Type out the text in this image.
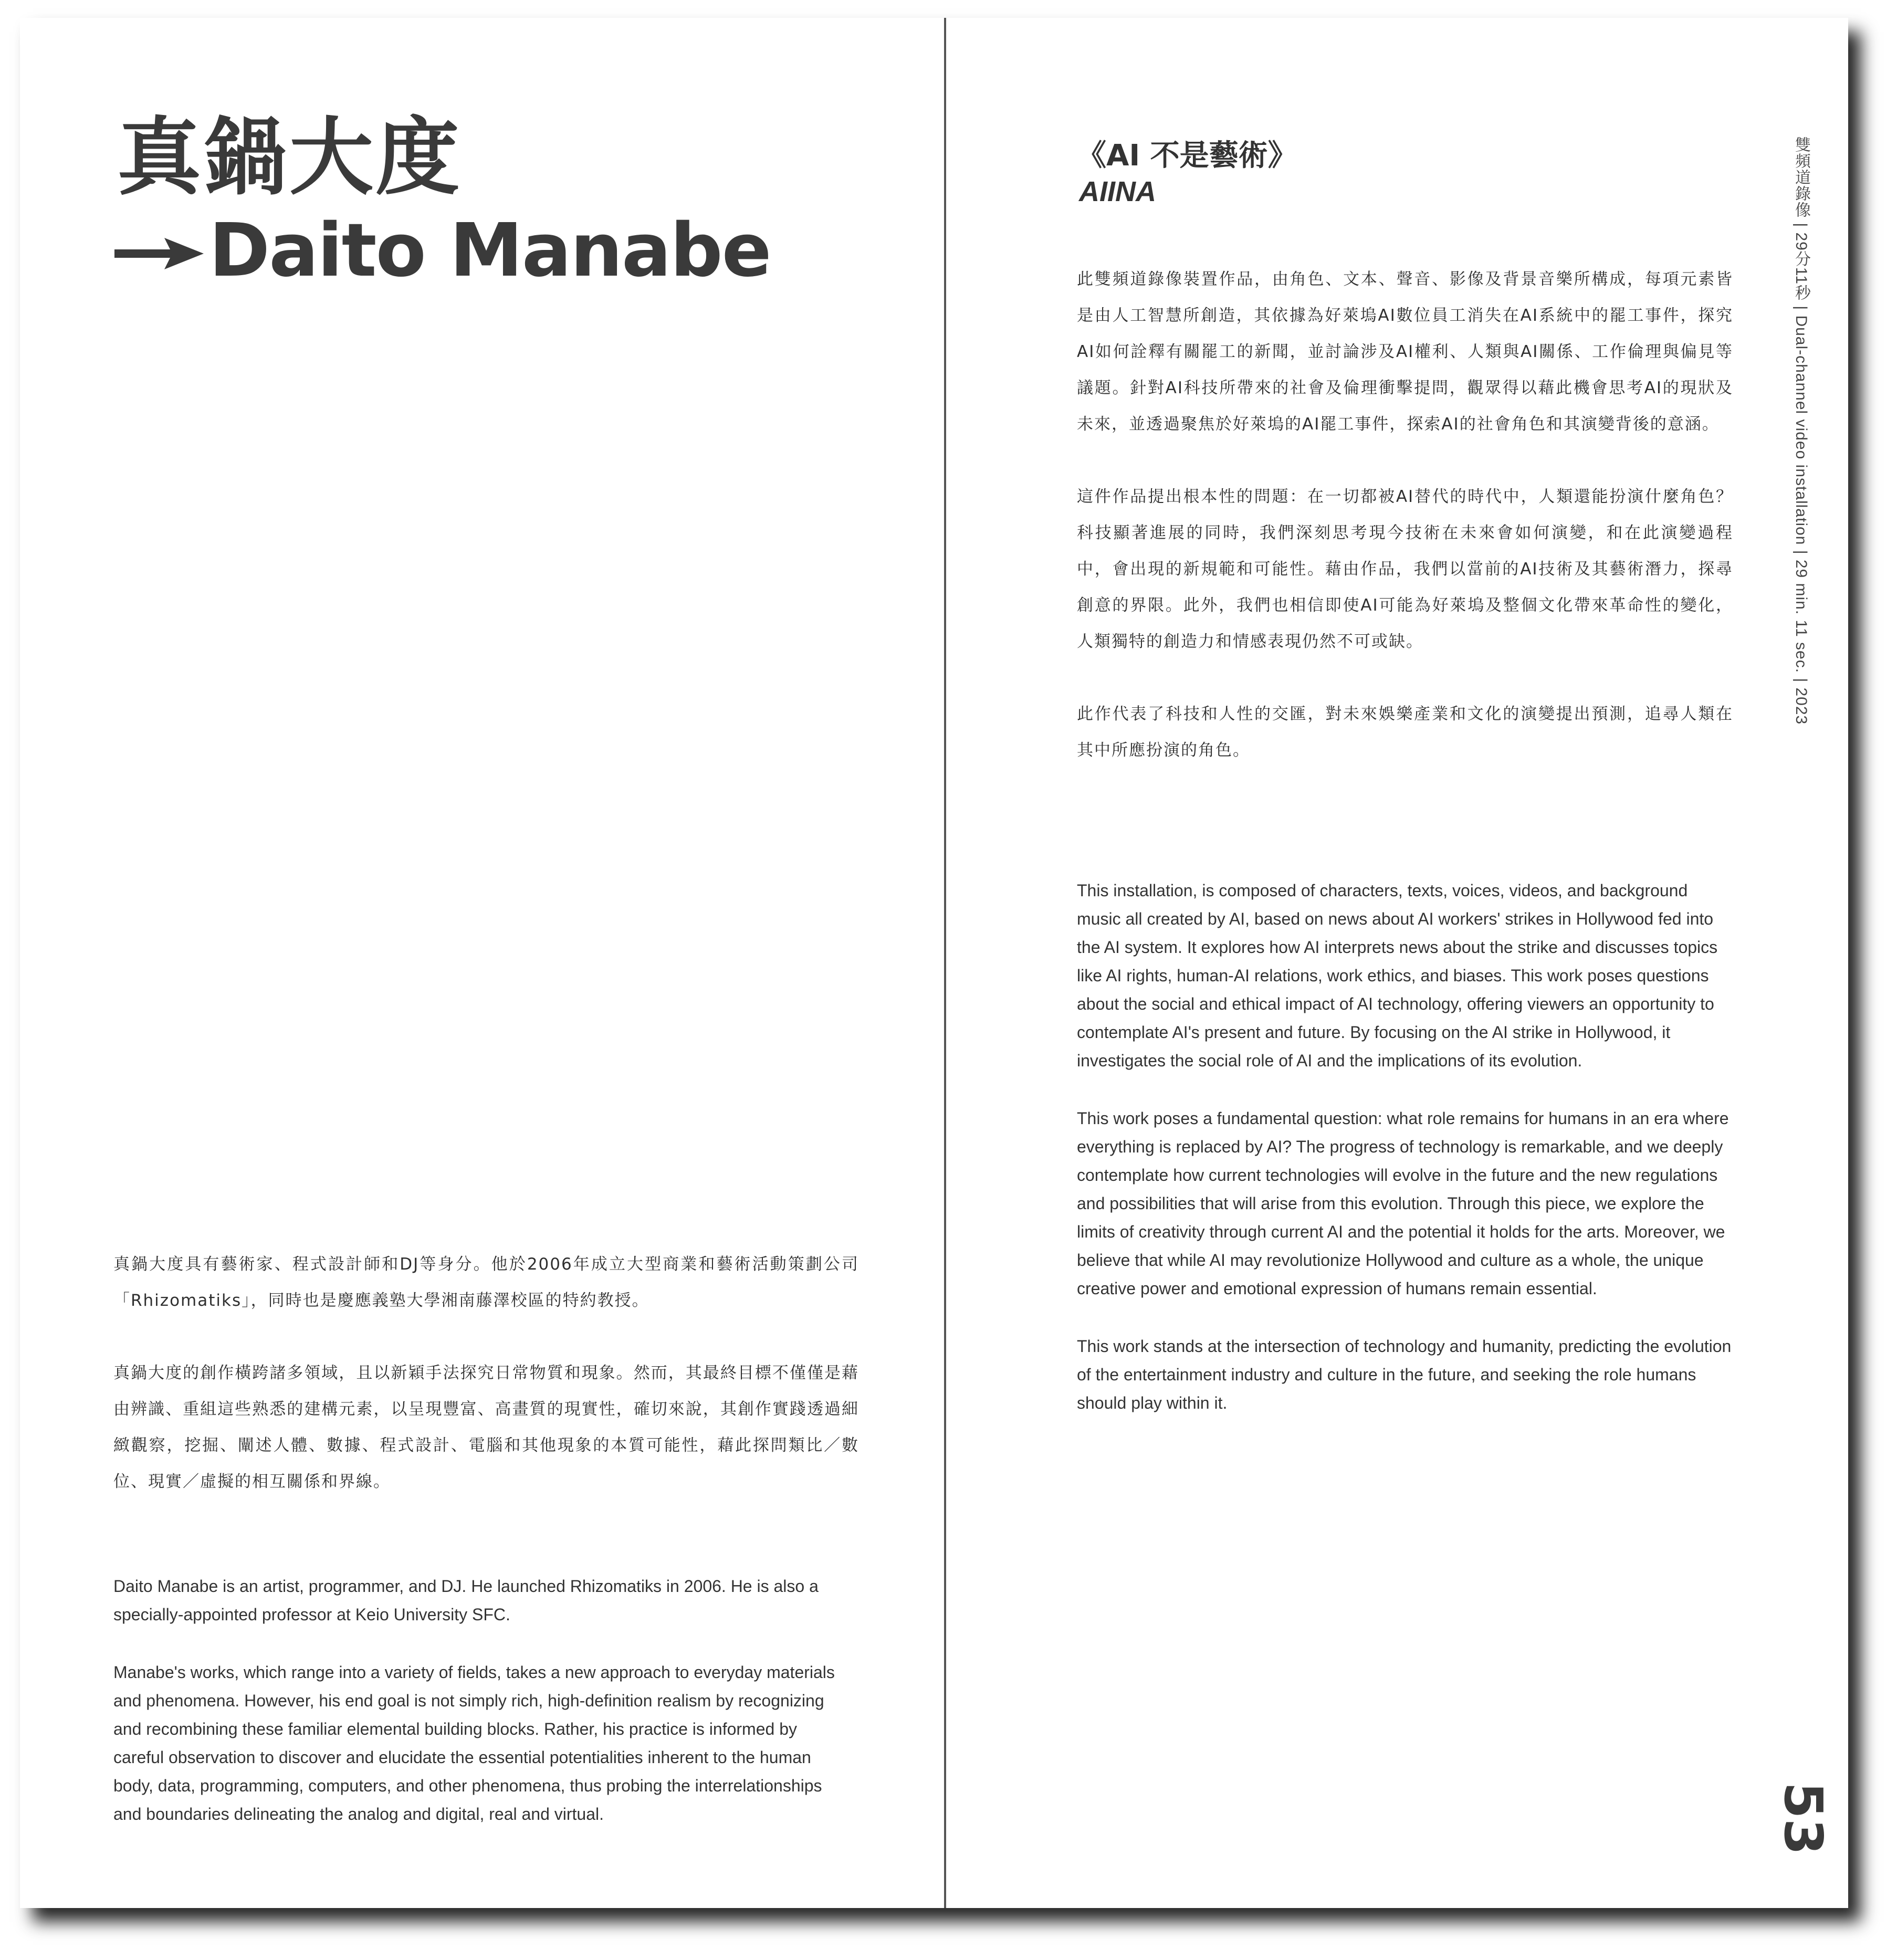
真鍋大度
Daito Manabe

真鍋大度具有藝術家、程式設計師和DJ等身分。他於2006年成立大型商業和藝術活動策劃公司「Rhizomatiks」，同時也是慶應義塾大學湘南藤澤校區的特約教授。

真鍋大度的創作橫跨諸多領域，且以新穎手法探究日常物質和現象。然而，其最終目標不僅僅是藉由辨識、重組這些熟悉的建構元素，以呈現豐富、高畫質的現實性，確切來說，其創作實踐透過細緻觀察，挖掘、闡述人體、數據、程式設計、電腦和其他現象的本質可能性，藉此探問類比／數位、現實／虛擬的相互關係和界線。

Daito Manabe is an artist, programmer, and DJ. He launched Rhizomatiks in 2006. He is also a specially-appointed professor at Keio University SFC.

Manabe's works, which range into a variety of fields, takes a new approach to everyday materials and phenomena. However, his end goal is not simply rich, high-definition realism by recognizing and recombining these familiar elemental building blocks. Rather, his practice is informed by careful observation to discover and elucidate the essential potentialities inherent to the human body, data, programming, computers, and other phenomena, thus probing the interrelationships and boundaries delineating the analog and digital, real and virtual.

《AI 不是藝術》
AIINA

此雙頻道錄像裝置作品，由角色、文本、聲音、影像及背景音樂所構成，每項元素皆是由人工智慧所創造，其依據為好萊塢AI數位員工消失在AI系統中的罷工事件，探究AI如何詮釋有關罷工的新聞，並討論涉及AI權利、人類與AI關係、工作倫理與偏見等議題。針對AI科技所帶來的社會及倫理衝擊提問，觀眾得以藉此機會思考AI的現狀及未來，並透過聚焦於好萊塢的AI罷工事件，探索AI的社會角色和其演變背後的意涵。

這件作品提出根本性的問題：在一切都被AI替代的時代中，人類還能扮演什麼角色？科技顯著進展的同時，我們深刻思考現今技術在未來會如何演變，和在此演變過程中，會出現的新規範和可能性。藉由作品，我們以當前的AI技術及其藝術潛力，探尋創意的界限。此外，我們也相信即使AI可能為好萊塢及整個文化帶來革命性的變化，人類獨特的創造力和情感表現仍然不可或缺。

此作代表了科技和人性的交匯，對未來娛樂產業和文化的演變提出預測，追尋人類在其中所應扮演的角色。

This installation, is composed of characters, texts, voices, videos, and background music all created by AI, based on news about AI workers' strikes in Hollywood fed into the AI system. It explores how AI interprets news about the strike and discusses topics like AI rights, human-AI relations, work ethics, and biases. This work poses questions about the social and ethical impact of AI technology, offering viewers an opportunity to contemplate AI's present and future. By focusing on the AI strike in Hollywood, it investigates the social role of AI and the implications of its evolution.

This work poses a fundamental question: what role remains for humans in an era where everything is replaced by AI? The progress of technology is remarkable, and we deeply contemplate how current technologies will evolve in the future and the new regulations and possibilities that will arise from this evolution. Through this piece, we explore the limits of creativity through current AI and the potential it holds for the arts. Moreover, we believe that while AI may revolutionize Hollywood and culture as a whole, the unique creative power and emotional expression of humans remain essential.

This work stands at the intersection of technology and humanity, predicting the evolution of the entertainment industry and culture in the future, and seeking the role humans should play within it.

雙頻道錄像 | 29分11秒 | Dual-channel video installation | 29 min. 11 sec. | 2023
53
